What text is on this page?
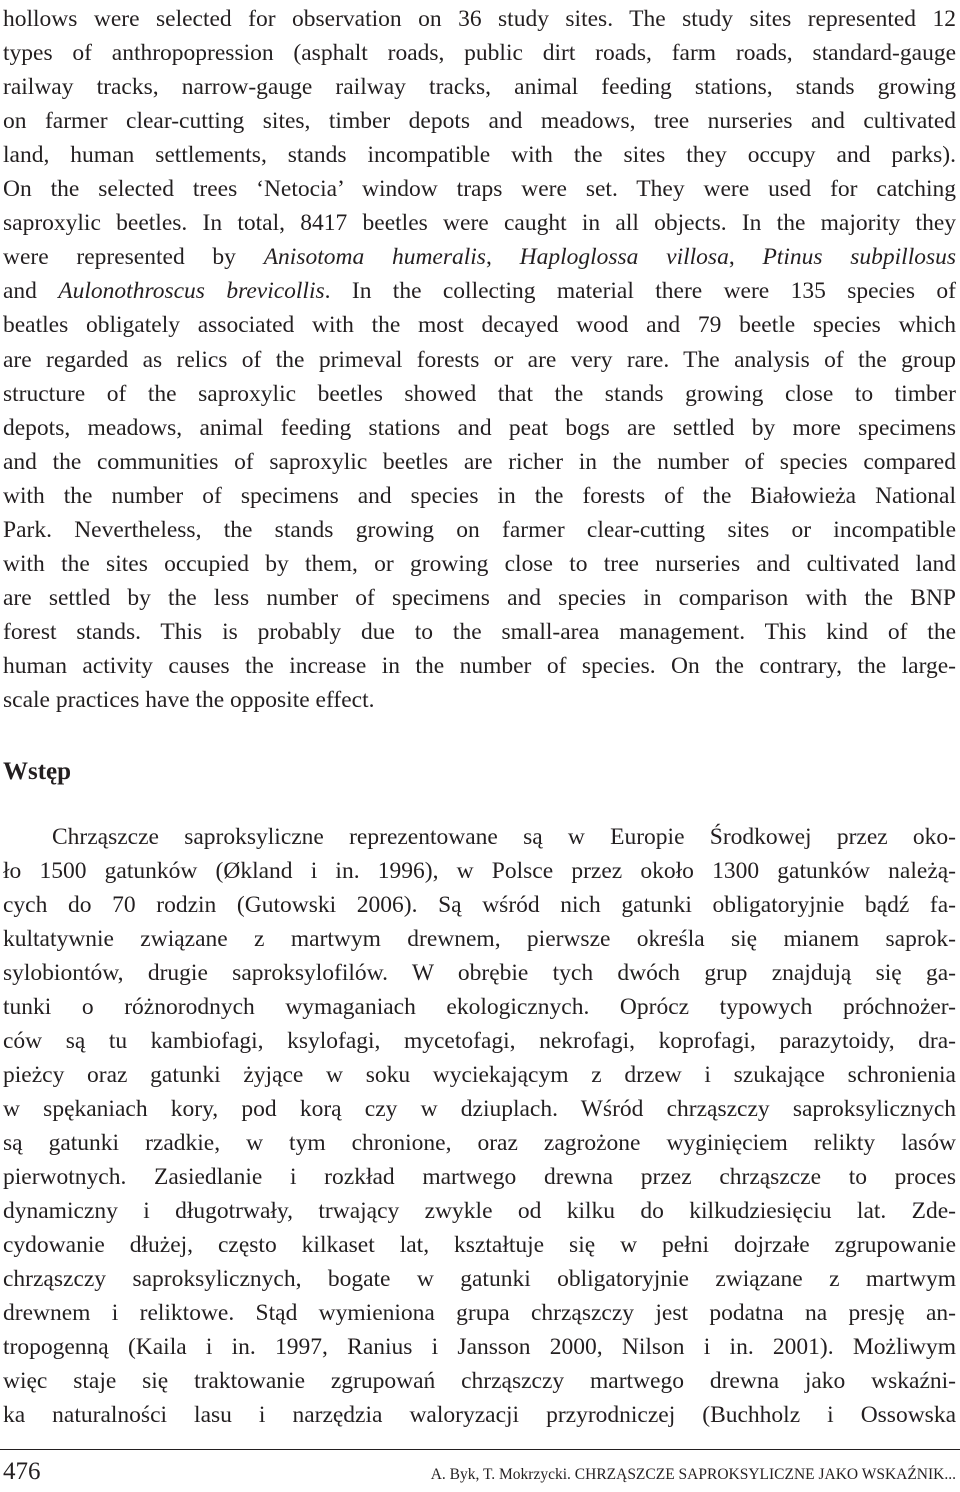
hollows were selected for observation on 36 study sites. The study sites represented 12
types of anthropopression (asphalt roads, public dirt roads, farm roads, standard-gauge
railway tracks, narrow-gauge railway tracks, animal feeding stations, stands growing
on farmer clear-cutting sites, timber depots and meadows, tree nurseries and cultivated
land, human settlements, stands incompatible with the sites they occupy and parks).
On the selected trees ‘Netocia’ window traps were set. They were used for catching
saproxylic beetles. In total, 8417 beetles were caught in all objects. In the majority they
were represented by Anisotoma humeralis, Haploglossa villosa, Ptinus subpillosus
and Aulonothroscus brevicollis. In the collecting material there were 135 species of
beatles obligately associated with the most decayed wood and 79 beetle species which
are regarded as relics of the primeval forests or are very rare. The analysis of the group
structure of the saproxylic beetles showed that the stands growing close to timber
depots, meadows, animal feeding stations and peat bogs are settled by more specimens
and the communities of saproxylic beetles are richer in the number of species compared
with the number of specimens and species in the forests of the Białowieża National
Park. Nevertheless, the stands growing on farmer clear-cutting sites or incompatible
with the sites occupied by them, or growing close to tree nurseries and cultivated land
are settled by the less number of specimens and species in comparison with the BNP
forest stands. This is probably due to the small-area management. This kind of the
human activity causes the increase in the number of species. On the contrary, the large-
scale practices have the opposite effect.
Wstęp
Chrząszcze saproksyliczne reprezentowane są w Europie Środkowej przez oko-
ło 1500 gatunków (Økland i in. 1996), w Polsce przez około 1300 gatunków należą-
cych do 70 rodzin (Gutowski 2006). Są wśród nich gatunki obligatoryjnie bądź fa-
kultatywnie związane z martwym drewnem, pierwsze określa się mianem saprok-
sylobiontów, drugie saproksylofilów. W obrębie tych dwóch grup znajdują się ga-
tunki o różnorodnych wymaganiach ekologicznych. Oprócz typowych próchnożer-
ców są tu kambiofagi, ksylofagi, mycetofagi, nekrofagi, koprofagi, parazytoidy, dra-
pieżcy oraz gatunki żyjące w soku wyciekającym z drzew i szukające schronienia
w spękaniach kory, pod korą czy w dziuplach. Wśród chrząszczy saproksylicznych
są gatunki rzadkie, w tym chronione, oraz zagrożone wyginięciem relikty lasów
pierwotnych. Zasiedlanie i rozkład martwego drewna przez chrząszcze to proces
dynamiczny i długotrwały, trwający zwykle od kilku do kilkudziesięciu lat. Zde-
cydowanie dłużej, często kilkaset lat, kształtuje się w pełni dojrzałe zgrupowanie
chrząszczy saproksylicznych, bogate w gatunki obligatoryjnie związane z martwym
drewnem i reliktowe. Stąd wymieniona grupa chrząszczy jest podatna na presję an-
tropogenną (Kaila i in. 1997, Ranius i Jansson 2000, Nilson i in. 2001). Możliwym
więc staje się traktowanie zgrupowań chrząszczy martwego drewna jako wskaźni-
ka naturalności lasu i narzędzia waloryzacji przyrodniczej (Buchholz i Ossowska
476	A. Byk, T. Mokrzycki. CHRZĄSZCZE SAPROKSYLICZNE JAKO WSKAŹNIK...
